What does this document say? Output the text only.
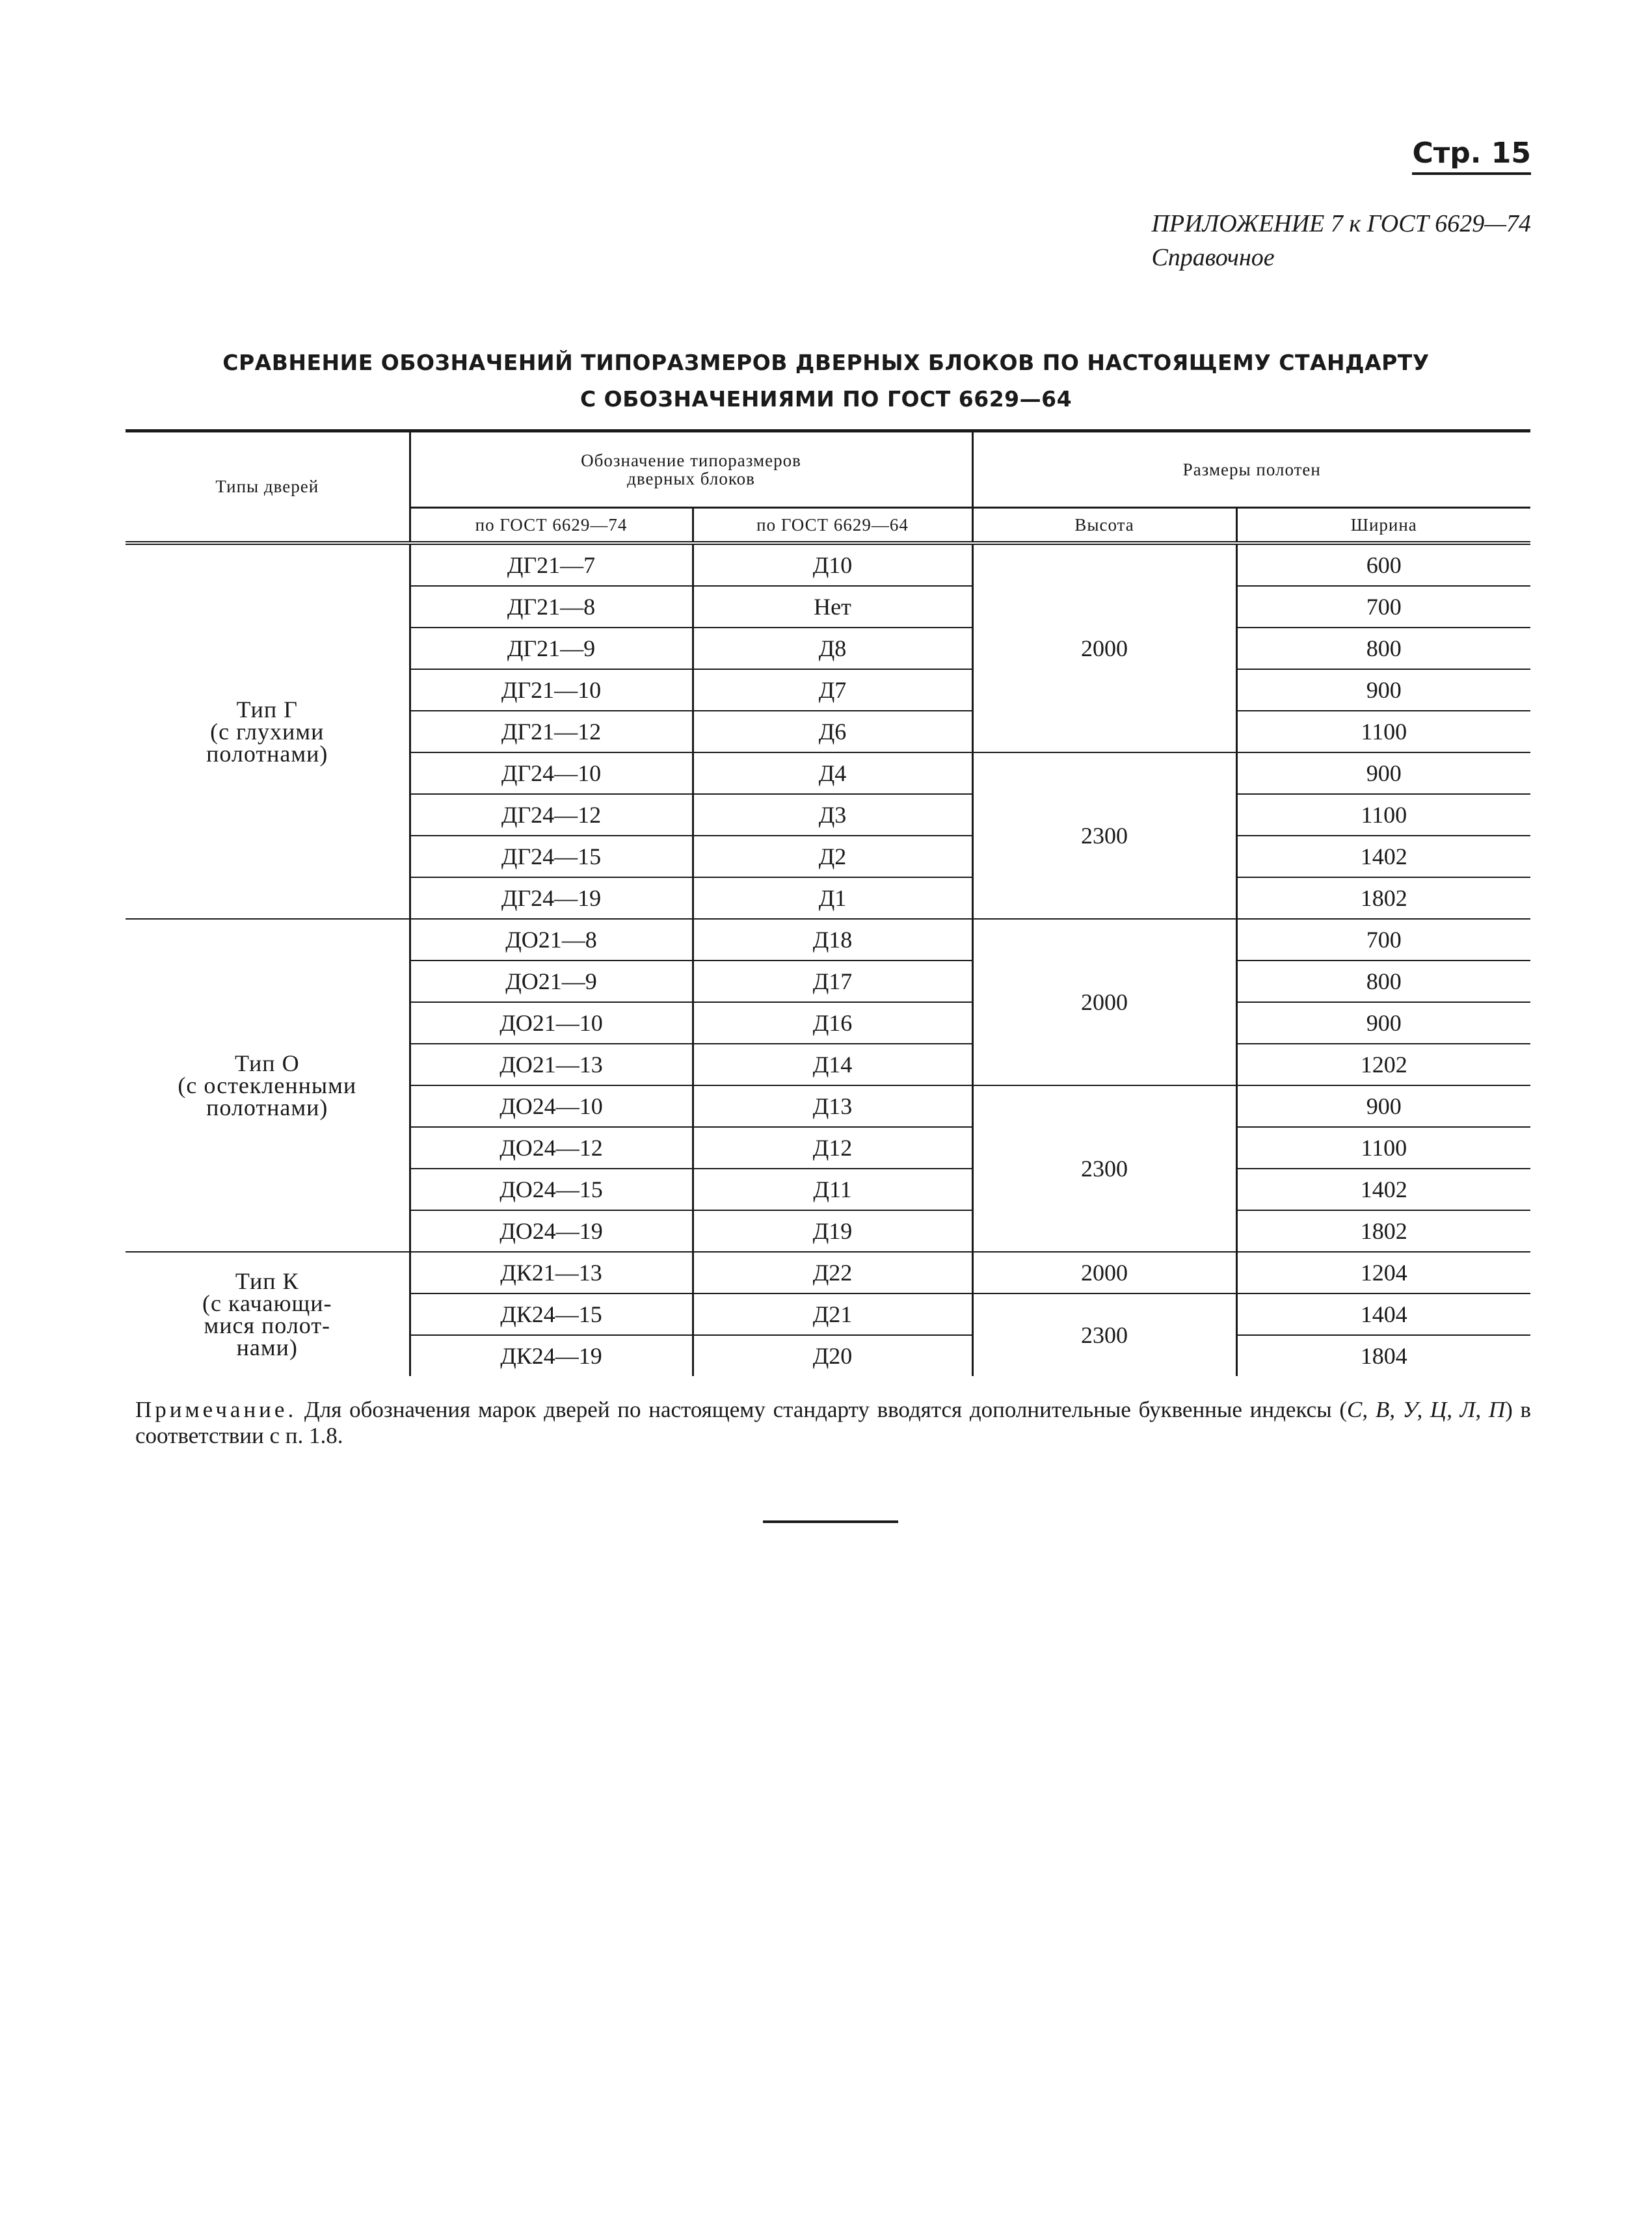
Стр. 15
ПРИЛОЖЕНИЕ 7 к ГОСТ 6629—74
Справочное
СРАВНЕНИЕ ОБОЗНАЧЕНИЙ ТИПОРАЗМЕРОВ ДВЕРНЫХ БЛОКОВ ПО НАСТОЯЩЕМУ СТАНДАРТУ
С ОБОЗНАЧЕНИЯМИ ПО ГОСТ 6629—64
Типы дверей	Обозначение типоразмеров
дверных блоков		Размеры полотен	
	по ГОСТ 6629—74	по ГОСТ 6629—64	Высота	Ширина

Тип Г
(с глухими
полотнами)	ДГ21—7	Д10	2000	600
	ДГ21—8	Нет		700
	ДГ21—9	Д8		800
	ДГ21—10	Д7		900
	ДГ21—12	Д6		1100
	ДГ24—10	Д4	2300	900
	ДГ24—12	Д3		1100
	ДГ24—15	Д2		1402
	ДГ24—19	Д1		1802

Тип О
(с остекленными
полотнами)	ДО21—8	Д18	2000	700
	ДО21—9	Д17		800
	ДО21—10	Д16		900
	ДО21—13	Д14		1202
	ДО24—10	Д13	2300	900
	ДО24—12	Д12		1100
	ДО24—15	Д11		1402
	ДО24—19	Д19		1802

Тип К
(с качающи-
мися полот-
нами)	ДК21—13	Д22	2000	1204
	ДК24—15	Д21	2300	1404
	ДК24—19	Д20		1804
Примечание. Для обозначения марок дверей по настоящему стандарту вводятся дополнительные буквенные индексы (С, В, У, Ц, Л, П) в соответствии с п. 1.8.
